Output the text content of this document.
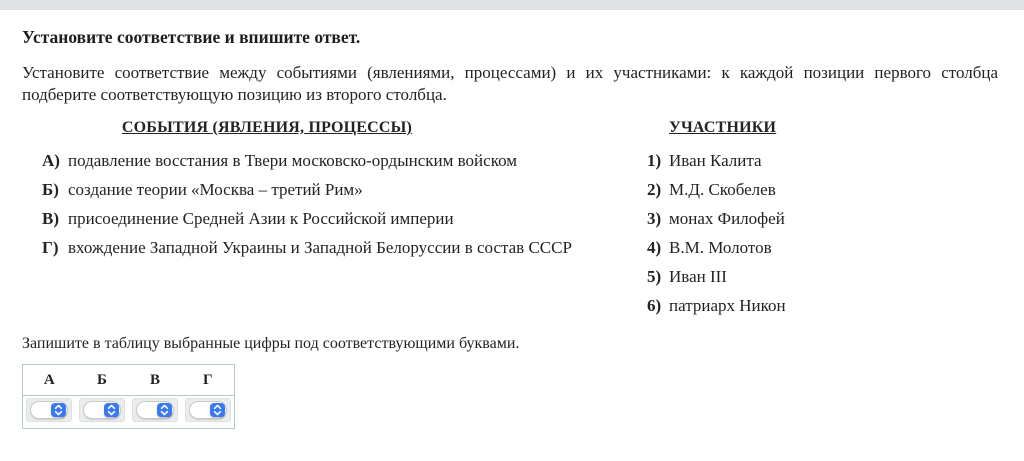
Установите соответствие и впишите ответ.

Установите соответствие между событиями (явлениями, процессами) и их участниками: к каждой позиции первого столбца подберите соответствующую позицию из второго столбца.

СОБЫТИЯ (ЯВЛЕНИЯ, ПРОЦЕССЫ)
А) подавление восстания в Твери московско-ордынским войском
Б) создание теории «Москва – третий Рим»
В) присоединение Средней Азии к Российской империи
Г) вхождение Западной Украины и Западной Белоруссии в состав СССР
УЧАСТНИКИ
1) Иван Калита
2) М.Д. Скобелев
3) монах Филофей
4) В.М. Молотов
5) Иван III
6) патриарх Никон

Запишите в таблицу выбранные цифры под соответствующими буквами.

А	Б	В	Г
